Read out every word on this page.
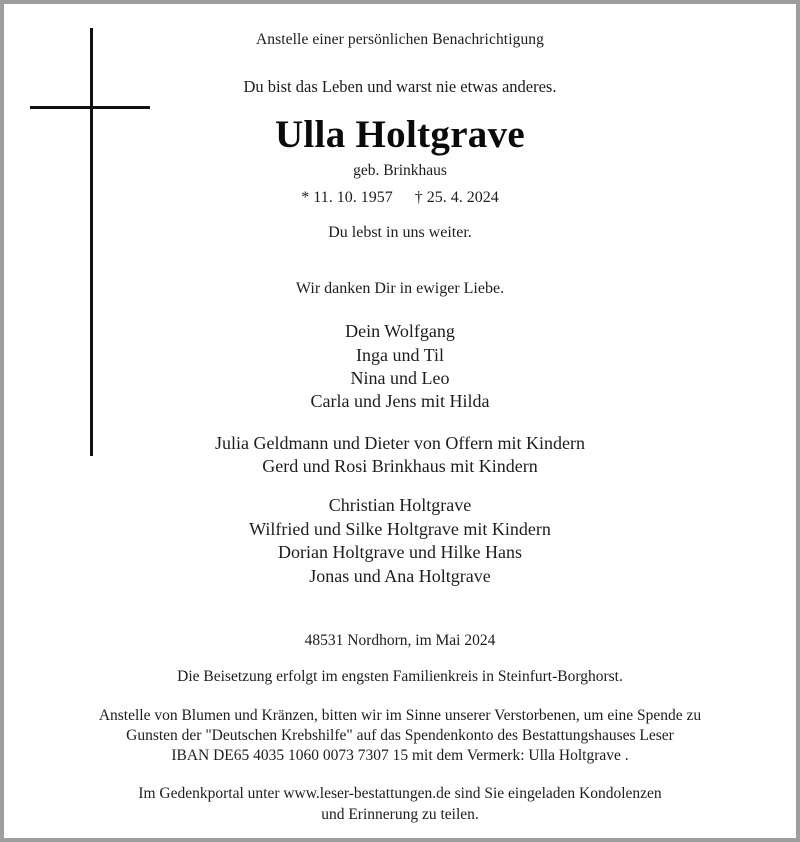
Anstelle einer persönlichen Benachrichtigung

Du bist das Leben und warst nie etwas anderes.

Ulla Holtgrave

geb. Brinkhaus

* 11. 10. 1957 † 25. 4. 2024

Du lebst in uns weiter.

Wir danken Dir in ewiger Liebe.

Dein Wolfgang

Inga und Til

Nina und Leo

Carla und Jens mit Hilda

Julia Geldmann und Dieter von Offern mit Kindern

Gerd und Rosi Brinkhaus mit Kindern

Christian Holtgrave

Wilfried und Silke Holtgrave mit Kindern

Dorian Holtgrave und Hilke Hans

Jonas und Ana Holtgrave

48531 Nordhorn, im Mai 2024

Die Beisetzung erfolgt im engsten Familienkreis in Steinfurt-Borghorst.

Anstelle von Blumen und Kränzen, bitten wir im Sinne unserer Verstorbenen, um eine Spende zu

Gunsten der "Deutschen Krebshilfe" auf das Spendenkonto des Bestattungshauses Leser

IBAN DE65 4035 1060 0073 7307 15 mit dem Vermerk: Ulla Holtgrave .

Im Gedenkportal unter www.leser-bestattungen.de sind Sie eingeladen Kondolenzen

und Erinnerung zu teilen.
